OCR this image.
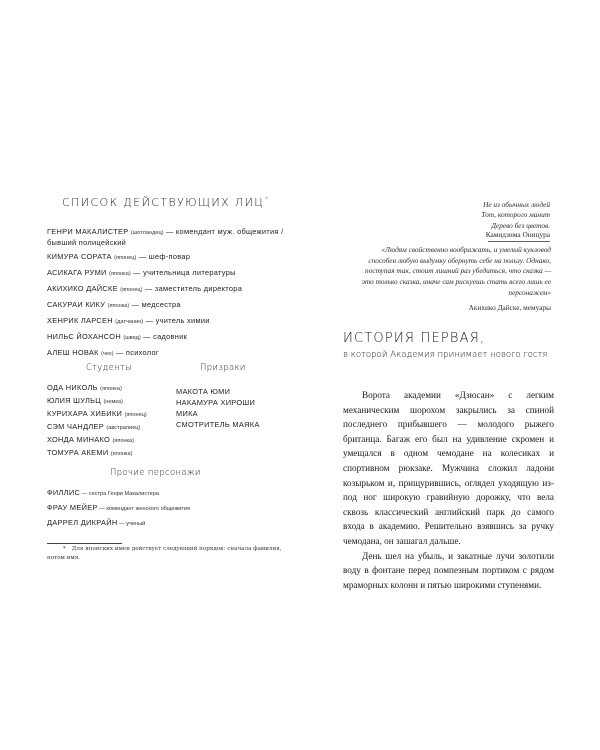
СПИСОК ДЕЙСТВУЮЩИХ ЛИЦ*
ГЕНРИ МАКАЛИСТЕР (шотландец) — комендант муж. общежития / бывший полицейский
КИМУРА СОРАТА (японец) — шеф-повар
АСИКАГА РУМИ (японка) — учительница литературы
АКИХИКО ДАЙСКЕ (японец) — заместитель директора
САКУРАИ КИКУ (японка) — медсестра
ХЕНРИК ЛАРСЕН (датчанин) — учитель химии
НИЛЬС ЙОХАНСОН (швед) — садовник
АЛЕШ НОВАК (чех) — психолог
Студенты	Призраки
ОДА НИКОЛЬ (японка)
ЮЛИЯ ШУЛЬЦ (немка)
КУРИХАРА ХИБИКИ (японец)
СЭМ ЧАНДЛЕР (австралиец)
ХОНДА МИНАКО (японка)
ТОМУРА АКЕМИ (японка)
МАКОТА ЮМИ
НАКАМУРА ХИРОШИ
МИКА
СМОТРИТЕЛЬ МАЯКА
Прочие персонажи
ФИЛЛИС — сестра Генри Макалистера
ФРАУ МЕЙЕР — комендант женского общежития
ДАРРЕЛ ДИКРАЙН — ученый

* Для японских имен действует следующий порядок: сначала фамилия, потом имя.

Не из обычных людей
Тот, которого манит
Дерево без цветов.

Камидзима Оницура

«Людям свойственно воображать, и умелый кукловод способен любую выдумку обернуть себе на пользу. Однако, поступая так, стоит лишний раз убедиться, что сказка — это только сказка, иначе сам рискуешь стать всего лишь ее персонажем»

Акихико Дайске, мемуары

ИСТОРИЯ ПЕРВАЯ,

в которой Академия принимает нового гостя

Ворота академии «Дзюсан» с легким механическим шорохом закрылись за спиной последнего прибывшего — молодого рыжего британца. Багаж его был на удивление скромен и умещался в одном чемодане на колесиках и спортивном рюкзаке. Мужчина сложил ладони козырьком и, прищурившись, оглядел уходящую из-под ног широкую гравийную дорожку, что вела сквозь классический английский парк до самого входа в академию. Решительно взявшись за ручку чемодана, он зашагал дальше.

День шел на убыль, и закатные лучи золотили воду в фонтане перед помпезным портиком с рядом мраморных колонн и пятью широкими ступенями.
